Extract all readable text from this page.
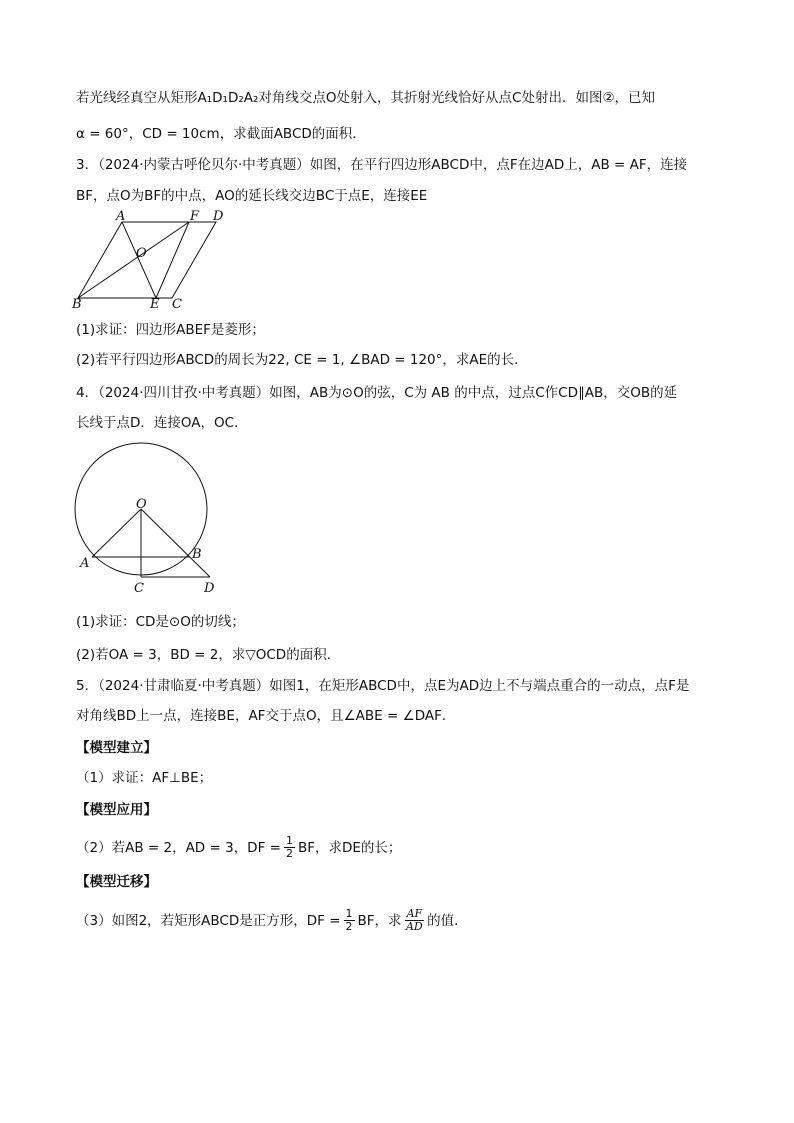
若光线经真空从矩形A₁D₁D₂A₂对角线交点O处射入，其折射光线恰好从点C处射出．如图②，已知
α = 60°，CD = 10cm，求截面ABCD的面积．
3．（2024·内蒙古呼伦贝尔·中考真题）如图，在平行四边形ABCD中，点F在边AD上，AB = AF，连接
BF，点O为BF的中点，AO的延长线交边BC于点E，连接EE
A	F D
O
B	E C
(1)求证：四边形ABEF是菱形；
(2)若平行四边形ABCD的周长为22, CE = 1, ∠BAD = 120°，求AE的长．
4．（2024·四川甘孜·中考真题）如图，AB为⊙O的弦，C为 AB 的中点，过点C作CD∥AB，交OB的延
长线于点D．连接OA，OC．
O
A
B
C	D
(1)求证：CD是⊙O的切线；
(2)若OA = 3，BD = 2，求▽OCD的面积．
5．（2024·甘肃临夏·中考真题）如图1，在矩形ABCD中，点E为AD边上不与端点重合的一动点，点F是
对角线BD上一点，连接BE，AF交于点O，且∠ABE = ∠DAF．
【模型建立】
（1）求证：AF⊥BE；
【模型应用】
（2）若AB = 2，AD = 3，DF = $\frac{1}{2}$ BF，求DE的长；
【模型迁移】
（3）如图2，若矩形ABCD是正方形，DF = $\frac{1}{2}$ BF，求 $\frac{AF}{AD}$ 的值．
